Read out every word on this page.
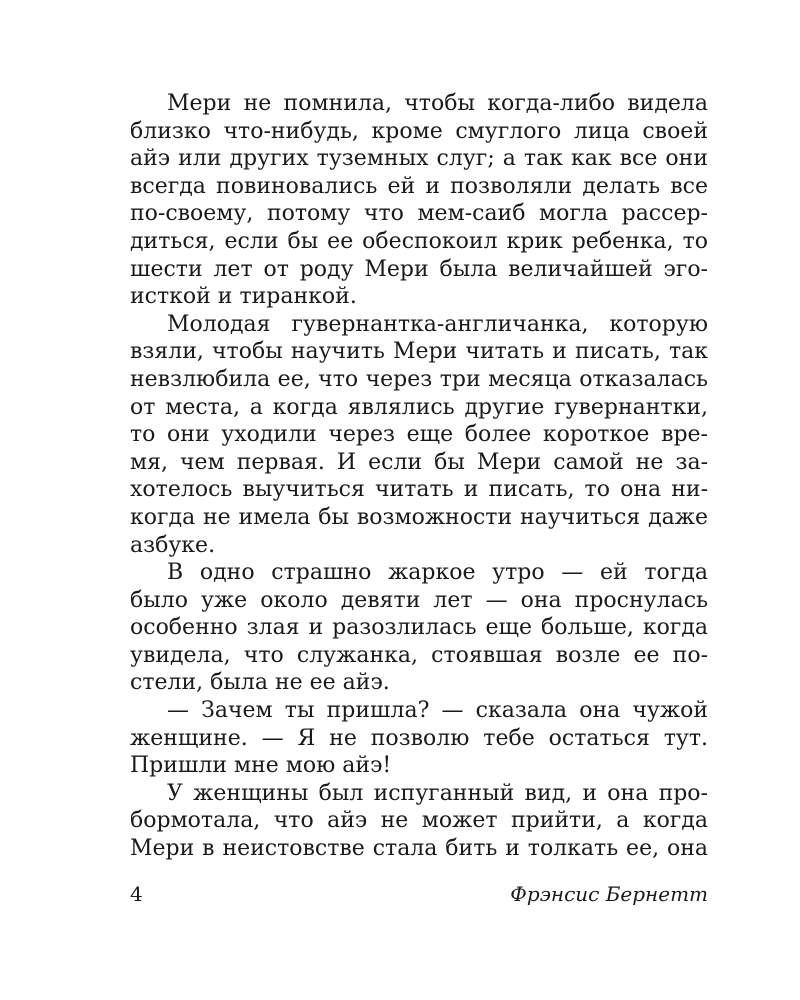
Мери не помнила, чтобы когда-либо видела
близко что-нибудь, кроме смуглого лица своей
айэ или других туземных слуг; а так как все они
всегда повиновались ей и позволяли делать все
по-своему, потому что мем-саиб могла рассер-
диться, если бы ее обеспокоил крик ребенка, то
шести лет от роду Мери была величайшей эго-
исткой и тиранкой.
Молодая гувернантка-англичанка, которую
взяли, чтобы научить Мери читать и писать, так
невзлюбила ее, что через три месяца отказалась
от места, а когда являлись другие гувернантки,
то они уходили через еще более короткое вре-
мя, чем первая. И если бы Мери самой не за-
хотелось выучиться читать и писать, то она ни-
когда не имела бы возможности научиться даже
азбуке.
В одно страшно жаркое утро — ей тогда
было уже около девяти лет — она проснулась
особенно злая и разозлилась еще больше, когда
увидела, что служанка, стоявшая возле ее по-
стели, была не ее айэ.
— Зачем ты пришла? — сказала она чужой
женщине. — Я не позволю тебе остаться тут.
Пришли мне мою айэ!
У женщины был испуганный вид, и она про-
бормотала, что айэ не может прийти, а когда
Мери в неистовстве стала бить и толкать ее, она
4	Фрэнсис Бернетт
